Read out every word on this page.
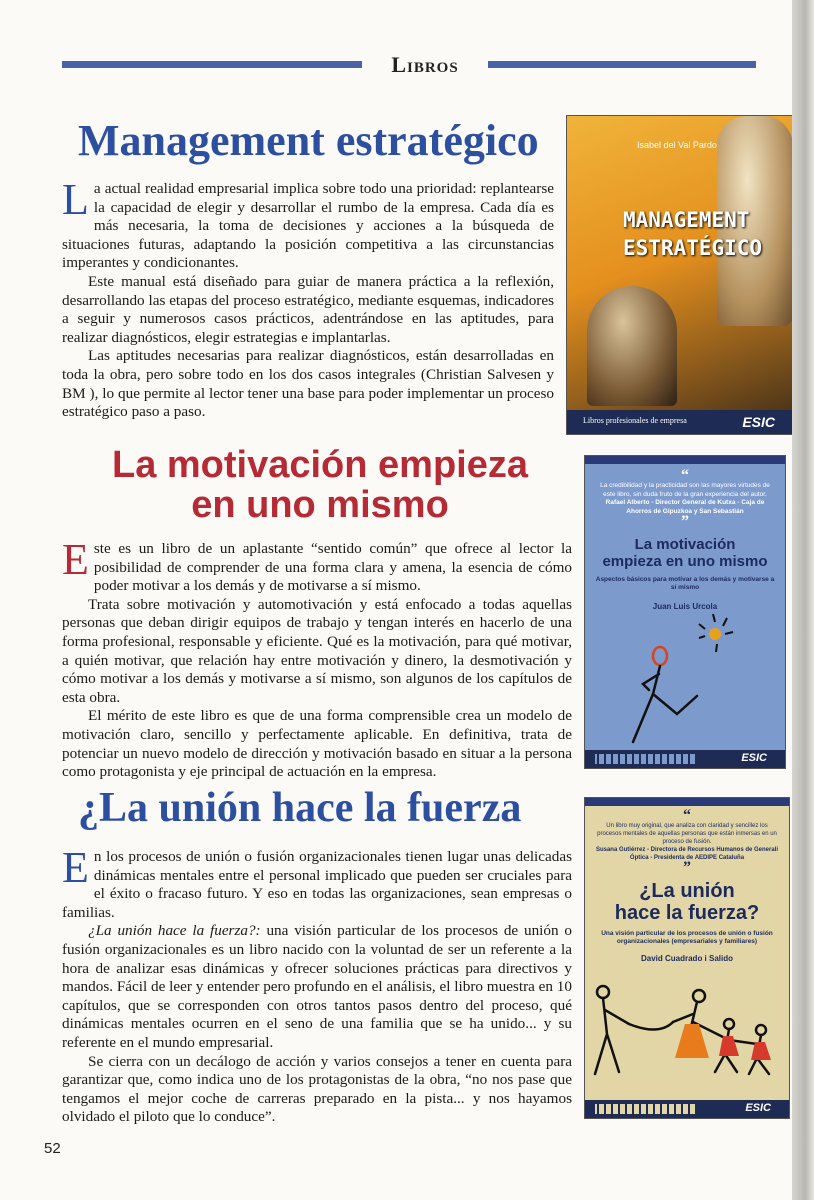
Libros
Management estratégico

La actual realidad empresarial implica sobre todo una prioridad: replantearse la capacidad de elegir y desarrollar el rumbo de la empresa. Cada día es más necesaria, la toma de decisiones y acciones a la búsqueda de situaciones futuras, adaptando la posición competitiva a las circunstancias imperantes y condicionantes.

Este manual está diseñado para guiar de manera práctica a la reflexión, desarrollando las etapas del proceso estratégico, mediante esquemas, indicadores a seguir y numerosos casos prácticos, adentrándose en las aptitudes, para realizar diagnósticos, elegir estrategias e implantarlas.

Las aptitudes necesarias para realizar diagnósticos, están desarrolladas en toda la obra, pero sobre todo en los dos casos integrales (Christian Salvesen y BM ), lo que permite al lector tener una base para poder implementar un proceso estratégico paso a paso.

Isabel del Val Pardo
MANAGEMENT
ESTRATÉGICO
Libros profesionales de empresa	ESIC
La motivación empieza
en uno mismo

Este es un libro de un aplastante “sentido común” que ofrece al lector la posibilidad de comprender de una forma clara y amena, la esencia de cómo poder motivar a los demás y de motivarse a sí mismo.

Trata sobre motivación y automotivación y está enfocado a todas aquellas personas que deban dirigir equipos de trabajo y tengan interés en hacerlo de una forma profesional, responsable y eficiente. Qué es la motivación, para qué motivar, a quién motivar, que relación hay entre motivación y dinero, la desmotivación y cómo motivar a los demás y motivarse a sí mismo, son algunos de los capítulos de esta obra.

El mérito de este libro es que de una forma comprensible crea un modelo de motivación claro, sencillo y perfectamente aplicable. En definitiva, trata de potenciar un nuevo modelo de dirección y motivación basado en situar a la persona como protagonista y eje principal de actuación en la empresa.

“
La credibilidad y la practicidad son las mayores virtudes de este libro, sin duda fruto de la gran experiencia del autor.
Rafael Alberto - Director General de Kutxa - Caja de Ahorros de Gipuzkoa y San Sebastián
”
La motivación
empieza en uno mismo
Aspectos básicos para motivar a los demás y motivarse a sí mismo
Juan Luis Urcola
ESIC
¿La unión hace la fuerza

En los procesos de unión o fusión organizacionales tienen lugar unas delicadas dinámicas mentales entre el personal implicado que pueden ser cruciales para el éxito o fracaso futuro. Y eso en todas las organizaciones, sean empresas o familias.

¿La unión hace la fuerza?: una visión particular de los procesos de unión o fusión organizacionales es un libro nacido con la voluntad de ser un referente a la hora de analizar esas dinámicas y ofrecer soluciones prácticas para directivos y mandos. Fácil de leer y entender pero profundo en el análisis, el libro muestra en 10 capítulos, que se corresponden con otros tantos pasos dentro del proceso, qué dinámicas mentales ocurren en el seno de una familia que se ha unido... y su referente en el mundo empresarial.

Se cierra con un decálogo de acción y varios consejos a tener en cuenta para garantizar que, como indica uno de los protagonistas de la obra, “no nos pase que tengamos el mejor coche de carreras preparado en la pista... y nos hayamos olvidado el piloto que lo conduce”.

“
Un libro muy original, que analiza con claridad y sencillez los procesos mentales de aquellas personas que están inmersas en un proceso de fusión.
Susana Gutiérrez - Directora de Recursos Humanos de Generali Óptica - Presidenta de AEDIPE Cataluña
”
¿La unión
hace la fuerza?
Una visión particular de los procesos de unión o fusión organizacionales (empresariales y familiares)
David Cuadrado i Salido
ESIC
52
